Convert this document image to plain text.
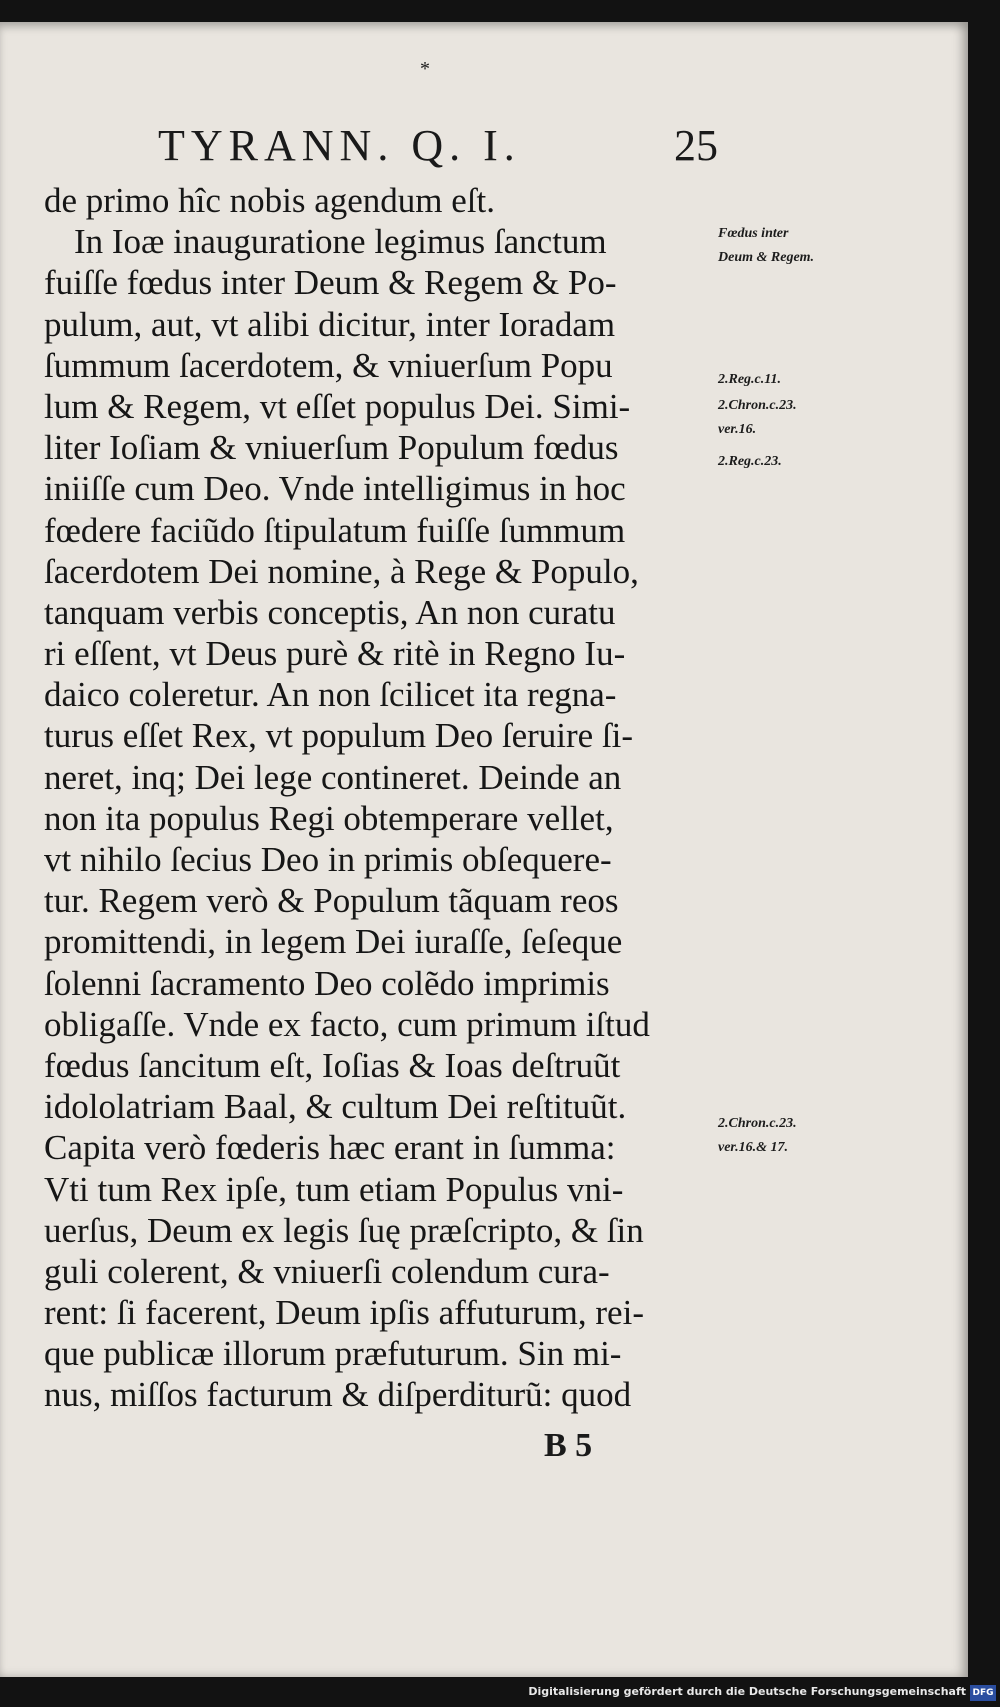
*
TYRANN. Q. I.	25
de primo hîc nobis agendum eſt.
In Ioæ inauguratione legimus ſanctum
fuiſſe fœdus inter Deum & Regem & Po-
pulum, aut, vt alibi dicitur, inter Ioradam
ſummum ſacerdotem, & vniuerſum Popu
lum & Regem, vt eſſet populus Dei. Simi-
liter Ioſiam & vniuerſum Populum fœdus
iniiſſe cum Deo. Vnde intelligimus in hoc
fœdere faciũdo ſtipulatum fuiſſe ſummum
ſacerdotem Dei nomine, à Rege & Populo,
tanquam verbis conceptis, An non curatu
ri eſſent, vt Deus purè & ritè in Regno Iu-
daico coleretur. An non ſcilicet ita regna-
turus eſſet Rex, vt populum Deo ſeruire ſi-
neret, inq; Dei lege contineret. Deinde an
non ita populus Regi obtemperare vellet,
vt nihilo ſecius Deo in primis obſequere-
tur. Regem verò & Populum tãquam reos
promittendi, in legem Dei iuraſſe, ſeſeque
ſolenni ſacramento Deo colẽdo imprimis
obligaſſe. Vnde ex facto, cum primum iſtud
fœdus ſancitum eſt, Ioſias & Ioas deſtruũt
idololatriam Baal, & cultum Dei reſtituũt.
Capita verò fœderis hæc erant in ſumma:
Vti tum Rex ipſe, tum etiam Populus vni-
uerſus, Deum ex legis ſuę præſcripto, & ſin
guli colerent, & vniuerſi colendum cura-
rent: ſi facerent, Deum ipſis affuturum, rei-
que publicæ illorum præfuturum. Sin mi-
nus, miſſos facturum & diſperditurũ: quod
Fœdus inter
Deum & Regem.
2.Reg.c.11.
2.Chron.c.23.
ver.16.
2.Reg.c.23.
2.Chron.c.23.
ver.16.& 17.
B 5
Digitalisierung gefördert durch die Deutsche Forschungsgemeinschaft DFG
